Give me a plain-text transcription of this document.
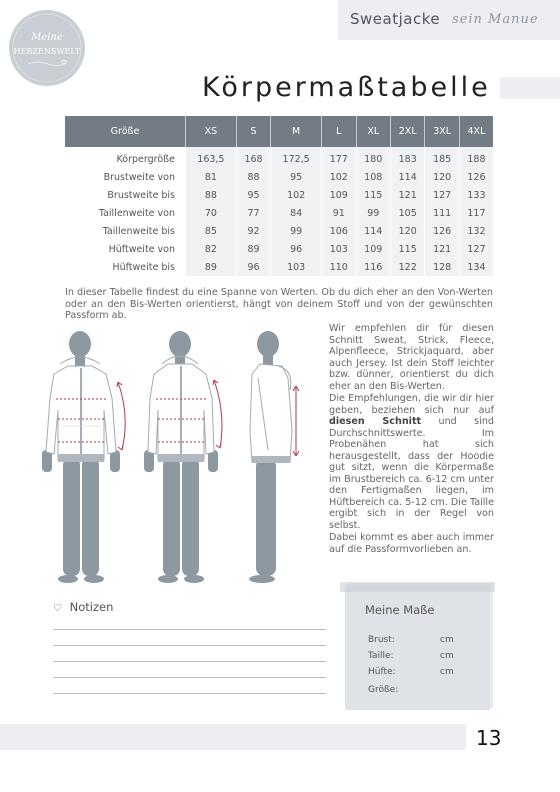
Sweatjacke sein Manue
Meine
HERZENSWELT
Körpermaßtabelle
Größe	XS	S	M	L	XL	2XL	3XL	4XL
Körpergröße	163,5	168	172,5	177	180	183	185	188
Brustweite von	81	88	95	102	108	114	120	126
Brustweite bis	88	95	102	109	115	121	127	133
Taillenweite von	70	77	84	91	99	105	111	117
Taillenweite bis	85	92	99	106	114	120	126	132
Hüftweite von	82	89	96	103	109	115	121	127
Hüftweite bis	89	96	103	110	116	122	128	134
In dieser Tabelle findest du eine Spanne von Werten. Ob du dich eher an den Von-Werten oder an den Bis-Werten orientierst, hängt von deinem Stoff und von der gewünschten Passform ab.

Wir empfehlen dir für diesen Schnitt Sweat, Strick, Fleece, Alpenfleece, Strickjaquard, aber auch Jersey. Ist dein Stoff leichter bzw. dünner, orientierst du dich eher an den Bis-Werten.

Die Empfehlungen, die wir dir hier geben, beziehen sich nur auf diesen Schnitt und sind Durchschnittswerte. Im Probenähen hat sich herausgestellt, dass der Hoodie gut sitzt, wenn die Körpermaße im Brustbereich ca. 6-12 cm unter den Fertigmaßen liegen, im Hüftbereich ca. 5-12 cm. Die Taille ergibt sich in der Regel von selbst.

Dabei kommt es aber auch immer auf die Passformvorlieben an.

♡ Notizen	Meine Maße
Brust:	cm
Taille:	cm
Hüfte:	cm
Größe:
13
